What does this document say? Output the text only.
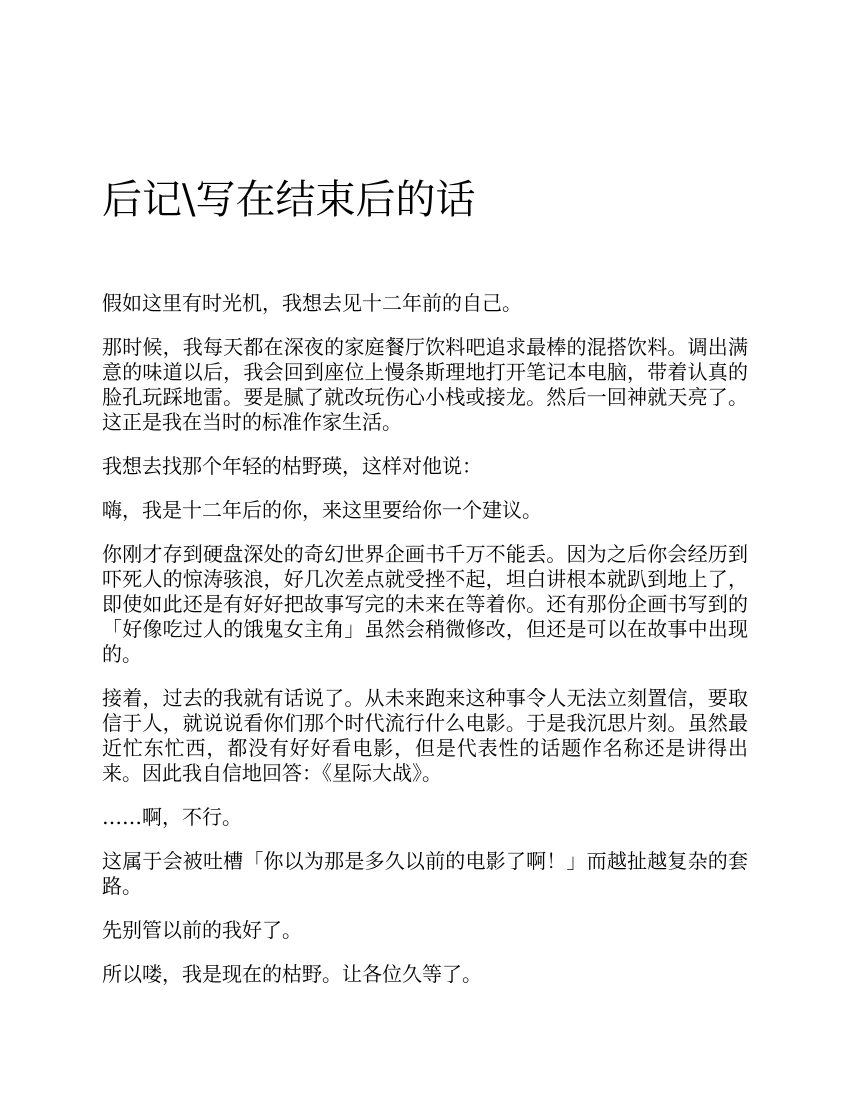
后记\写在结束后的话

假如这里有时光机，我想去见十二年前的自己。

那时候，我每天都在深夜的家庭餐厅饮料吧追求最棒的混搭饮料。调出满意的味道以后，我会回到座位上慢条斯理地打开笔记本电脑，带着认真的脸孔玩踩地雷。要是腻了就改玩伤心小栈或接龙。然后一回神就天亮了。这正是我在当时的标准作家生活。

我想去找那个年轻的枯野瑛，这样对他说：

嗨，我是十二年后的你，来这里要给你一个建议。

你刚才存到硬盘深处的奇幻世界企画书千万不能丢。因为之后你会经历到吓死人的惊涛骇浪，好几次差点就受挫不起，坦白讲根本就趴到地上了，即使如此还是有好好把故事写完的未来在等着你。还有那份企画书写到的「好像吃过人的饿鬼女主角」虽然会稍微修改，但还是可以在故事中出现的。

接着，过去的我就有话说了。从未来跑来这种事令人无法立刻置信，要取信于人，就说说看你们那个时代流行什么电影。于是我沉思片刻。虽然最近忙东忙西，都没有好好看电影，但是代表性的话题作名称还是讲得出来。因此我自信地回答：《星际大战》。

……啊，不行。

这属于会被吐槽「你以为那是多久以前的电影了啊！」而越扯越复杂的套路。

先别管以前的我好了。

所以喽，我是现在的枯野。让各位久等了。
